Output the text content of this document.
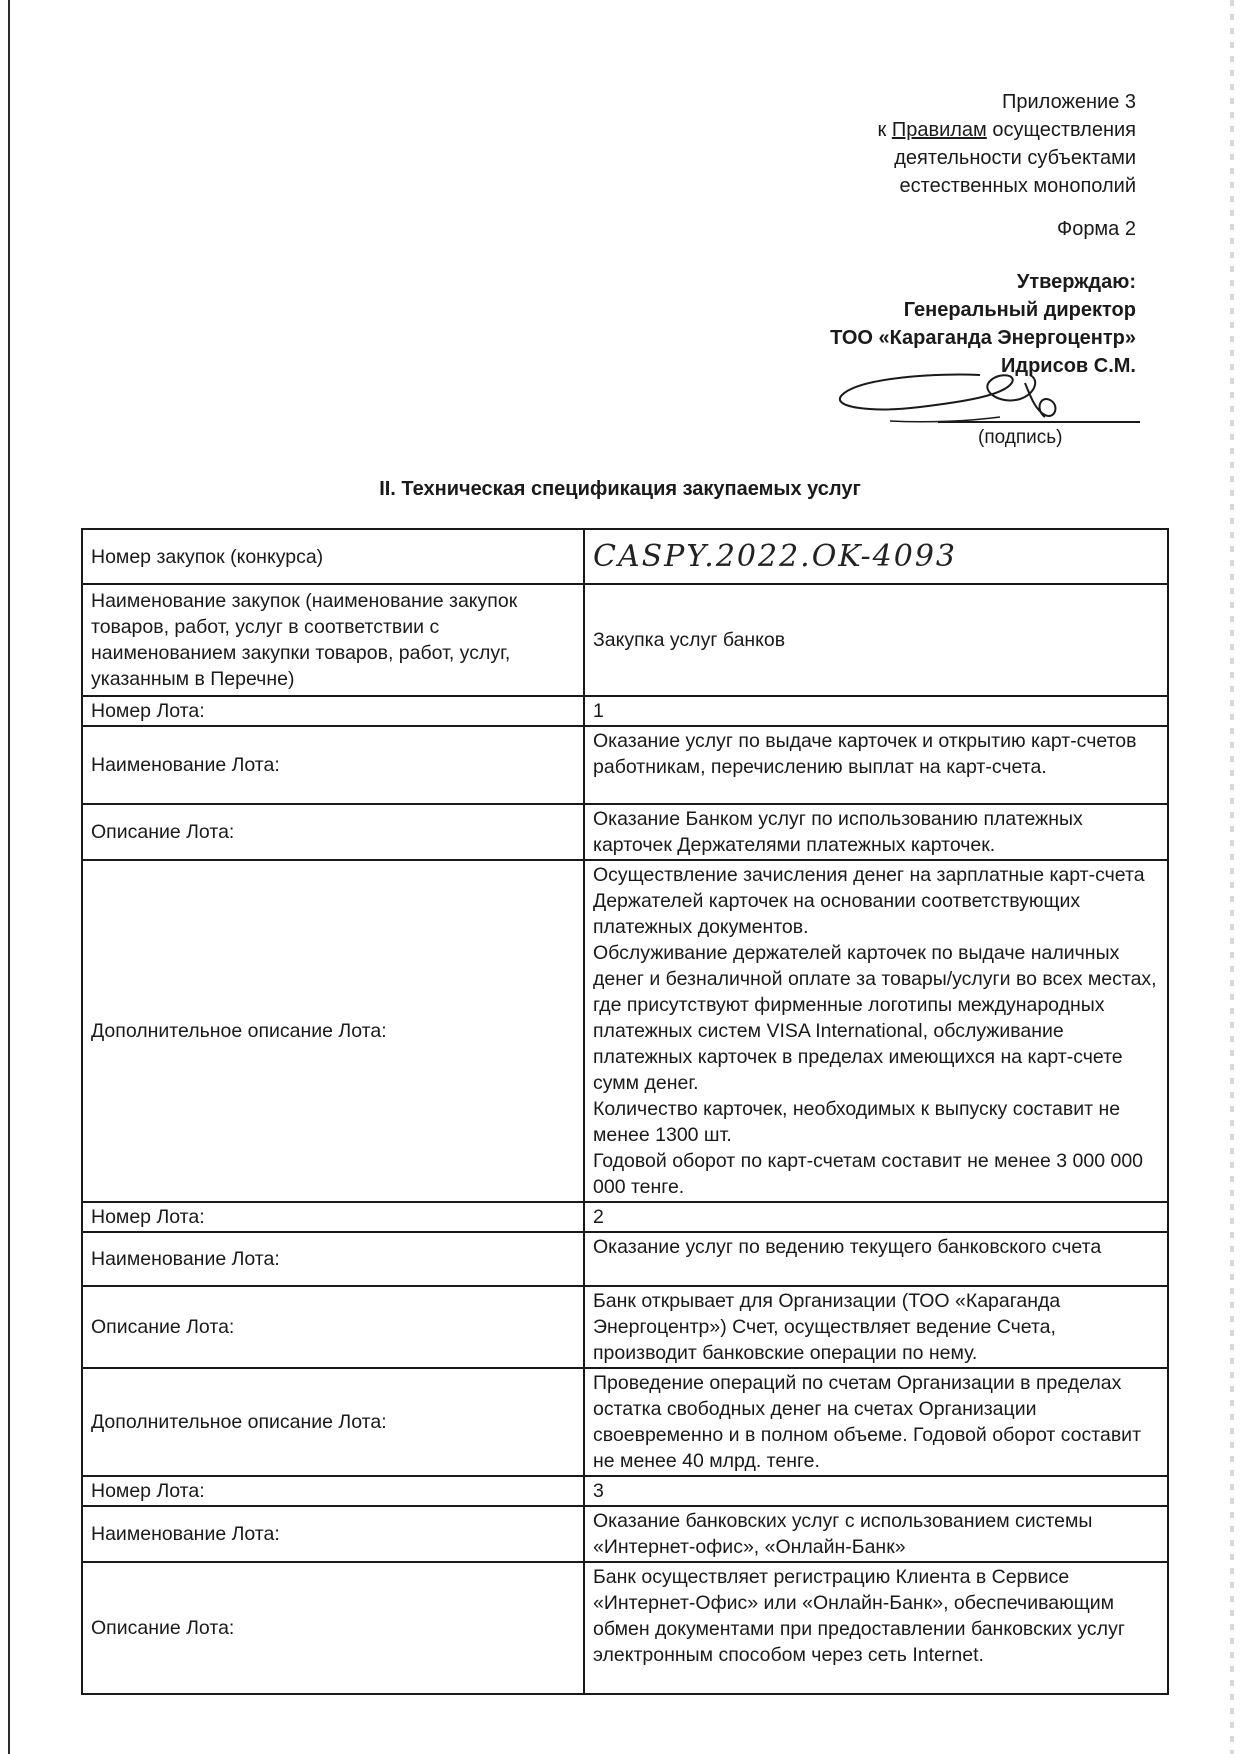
Приложение 3
к Правилам осуществления
деятельности субъектами
естественных монополий
Форма 2
Утверждаю:
Генеральный директор
ТОО «Караганда Энергоцентр»
Идрисов С.М.
(подпись)
II. Техническая спецификация закупаемых услуг
Номер закупок (конкурса)	CASPY.2022.OK-4093
Наименование закупок (наименование закупок товаров, работ, услуг в соответствии с наименованием закупки товаров, работ, услуг, указанным в Перечне)	Закупка услуг банков
Номер Лота:	1
Наименование Лота:	Оказание услуг по выдаче карточек и открытию карт-счетов работникам, перечислению выплат на карт-счета.
Описание Лота:	Оказание Банком услуг по использованию платежных карточек Держателями платежных карточек.
Дополнительное описание Лота:	Осуществление зачисления денег на зарплатные карт-счета Держателей карточек на основании соответствующих платежных документов.
Обслуживание держателей карточек по выдаче наличных денег и безналичной оплате за товары/услуги во всех местах, где присутствуют фирменные логотипы международных платежных систем VISA International, обслуживание платежных карточек в пределах имеющихся на карт-счете сумм денег.
Количество карточек, необходимых к выпуску составит не менее 1300 шт.
Годовой оборот по карт-счетам составит не менее 3 000 000 000 тенге.
Номер Лота:	2
Наименование Лота:	Оказание услуг по ведению текущего банковского счета
Описание Лота:	Банк открывает для Организации (ТОО «Караганда Энергоцентр») Счет, осуществляет ведение Счета, производит банковские операции по нему.
Дополнительное описание Лота:	Проведение операций по счетам Организации в пределах остатка свободных денег на счетах Организации своевременно и в полном объеме. Годовой оборот составит не менее 40 млрд. тенге.
Номер Лота:	3
Наименование Лота:	Оказание банковских услуг с использованием системы «Интернет-офис», «Онлайн-Банк»
Описание Лота:	Банк осуществляет регистрацию Клиента в Сервисе «Интернет-Офис» или «Онлайн-Банк», обеспечивающим обмен документами при предоставлении банковских услуг электронным способом через сеть Internet.
